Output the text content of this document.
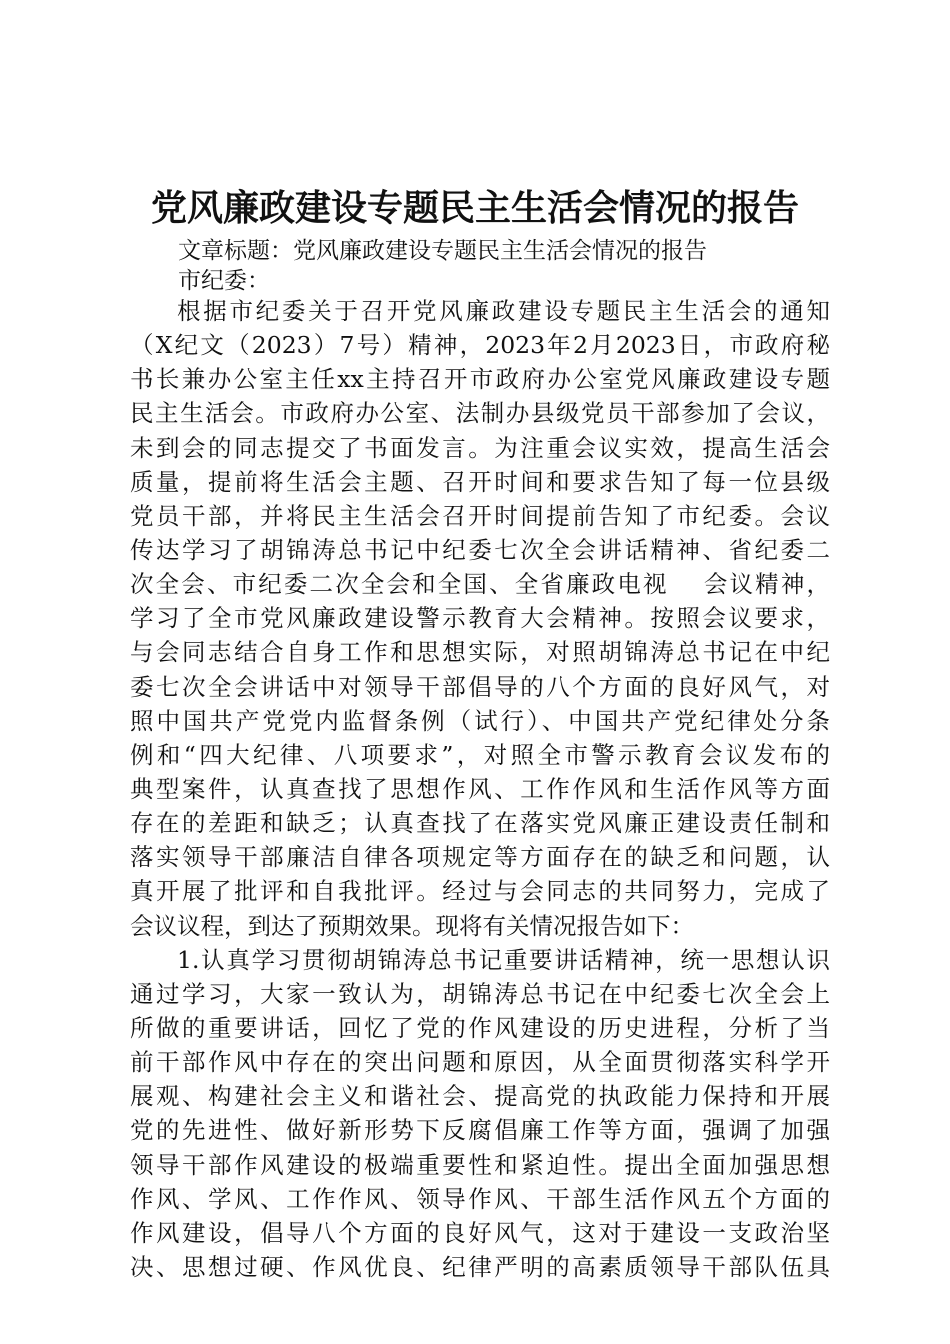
党风廉政建设专题民主生活会情况的报告
文章标题：党风廉政建设专题民主生活会情况的报告
市纪委：
根据市纪委关于召开党风廉政建设专题民主生活会的通知
（X纪文（2023）7号）精神，2023年2月2023日，市政府秘
书长兼办公室主任xx主持召开市政府办公室党风廉政建设专题
民主生活会。市政府办公室、法制办县级党员干部参加了会议，
未到会的同志提交了书面发言。为注重会议实效，提高生活会
质量，提前将生活会主题、召开时间和要求告知了每一位县级
党员干部，并将民主生活会召开时间提前告知了市纪委。会议
传达学习了胡锦涛总书记中纪委七次全会讲话精神、省纪委二
次全会、市纪委二次全会和全国、全省廉政电视　 会议精神，
学习了全市党风廉政建设警示教育大会精神。按照会议要求，
与会同志结合自身工作和思想实际，对照胡锦涛总书记在中纪
委七次全会讲话中对领导干部倡导的八个方面的良好风气，对
照中国共产党党内监督条例（试行）、中国共产党纪律处分条
例和“四大纪律、八项要求”，对照全市警示教育会议发布的
典型案件，认真查找了思想作风、工作作风和生活作风等方面
存在的差距和缺乏；认真查找了在落实党风廉正建设责任制和
落实领导干部廉洁自律各项规定等方面存在的缺乏和问题，认
真开展了批评和自我批评。经过与会同志的共同努力，完成了
会议议程，到达了预期效果。现将有关情况报告如下：
1.认真学习贯彻胡锦涛总书记重要讲话精神，统一思想认识
通过学习，大家一致认为，胡锦涛总书记在中纪委七次全会上
所做的重要讲话，回忆了党的作风建设的历史进程，分析了当
前干部作风中存在的突出问题和原因，从全面贯彻落实科学开
展观、构建社会主义和谐社会、提高党的执政能力保持和开展
党的先进性、做好新形势下反腐倡廉工作等方面，强调了加强
领导干部作风建设的极端重要性和紧迫性。提出全面加强思想
作风、学风、工作作风、领导作风、干部生活作风五个方面的
作风建设，倡导八个方面的良好风气，这对于建设一支政治坚
决、思想过硬、作风优良、纪律严明的高素质领导干部队伍具
